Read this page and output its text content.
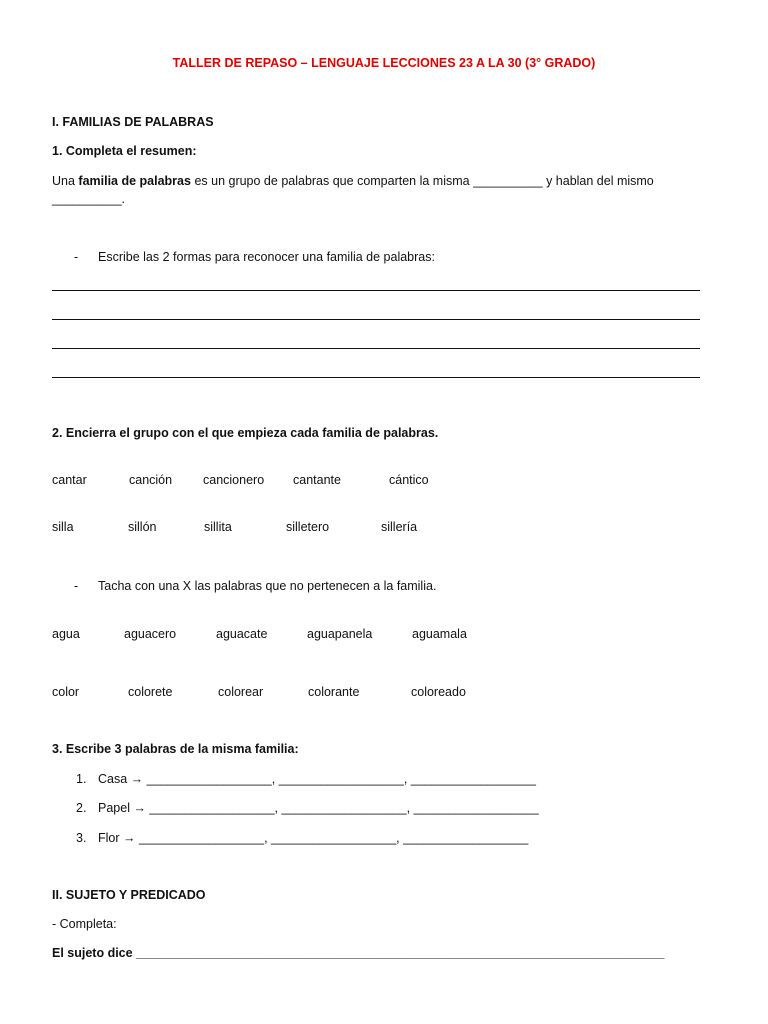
TALLER DE REPASO – LENGUAJE LECCIONES 23 A LA 30 (3° GRADO)
I. FAMILIAS DE PALABRAS
1. Completa el resumen:
Una familia de palabras es un grupo de palabras que comparten la misma __________ y hablan del mismo
__________.
- Escribe las 2 formas para reconocer una familia de palabras:
2. Encierra el grupo con el que empieza cada familia de palabras.
cantar	canción cancionero cantante	cántico
silla	sillón	sillita	silletero	sillería
- Tacha con una X las palabras que no pertenecen a la familia.
agua	aguacero	aguacate	aguapanela	aguamala
color	colorete	colorear	colorante	coloreado
3. Escribe 3 palabras de la misma familia:
1. Casa → __________________, __________________, __________________
2. Papel → __________________, __________________, __________________
3. Flor → __________________, __________________, __________________
II. SUJETO Y PREDICADO
- Completa:
El sujeto dice ____________________________________________________________________________
